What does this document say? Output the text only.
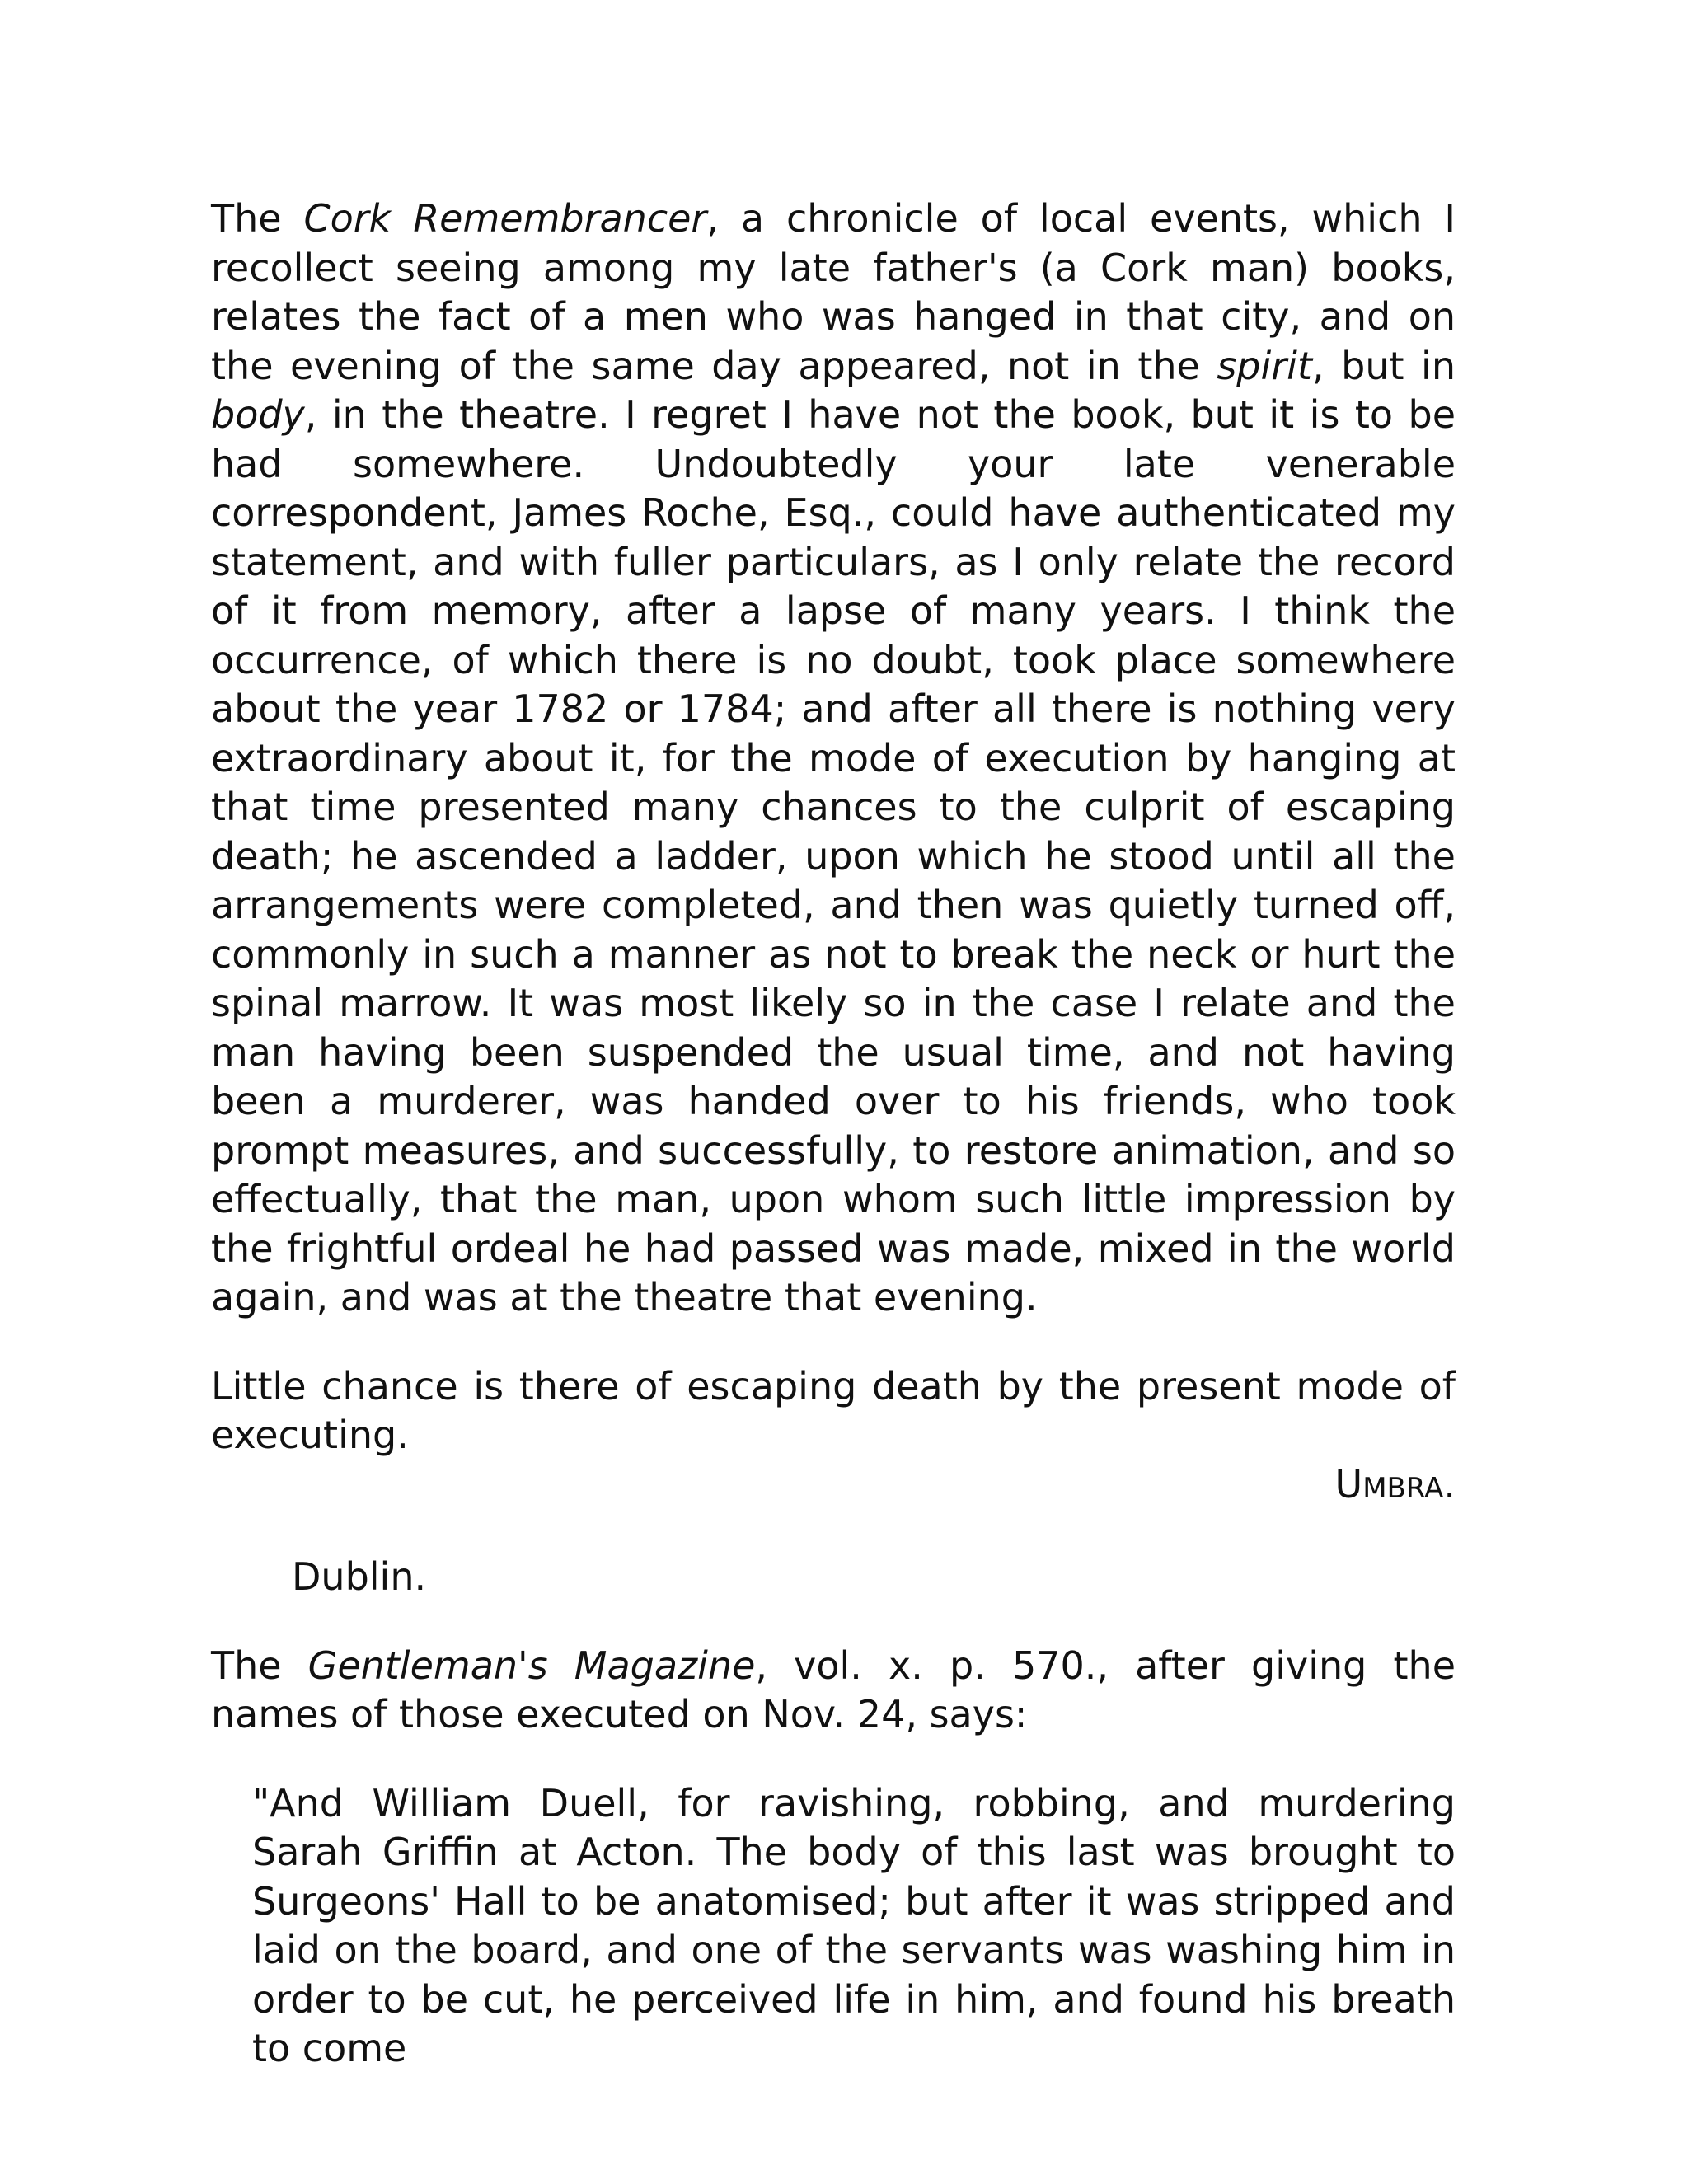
The Cork Remembrancer, a chronicle of local events, which I recollect seeing among my late father's (a Cork man) books, relates the fact of a men who was hanged in that city, and on the evening of the same day appeared, not in the spirit, but in body, in the theatre. I regret I have not the book, but it is to be had somewhere. Undoubtedly your late venerable correspondent, James Roche, Esq., could have authenticated my statement, and with fuller particulars, as I only relate the record of it from memory, after a lapse of many years. I think the occurrence, of which there is no doubt, took place somewhere about the year 1782 or 1784; and after all there is nothing very extraordinary about it, for the mode of execution by hanging at that time presented many chances to the culprit of escaping death; he ascended a ladder, upon which he stood until all the arrangements were completed, and then was quietly turned off, commonly in such a manner as not to break the neck or hurt the spinal marrow. It was most likely so in the case I relate and the man having been suspended the usual time, and not having been a murderer, was handed over to his friends, who took prompt measures, and successfully, to restore animation, and so effectually, that the man, upon whom such little impression by the frightful ordeal he had passed was made, mixed in the world again, and was at the theatre that evening.

Little chance is there of escaping death by the present mode of executing.

UMBRA.

Dublin.

The Gentleman's Magazine, vol. x. p. 570., after giving the names of those executed on Nov. 24, says:

"And William Duell, for ravishing, robbing, and murdering Sarah Griffin at Acton. The body of this last was brought to Surgeons' Hall to be anatomised; but after it was stripped and laid on the board, and one of the servants was washing him in order to be cut, he perceived life in him, and found his breath to come
